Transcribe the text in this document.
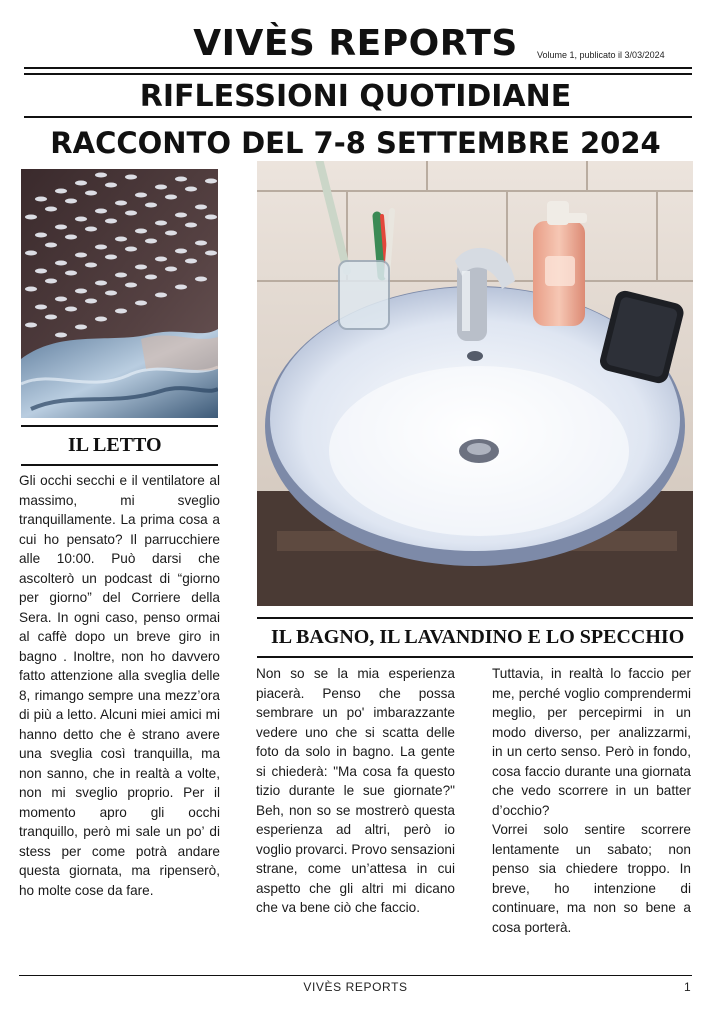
VIVÈS REPORTS	Volume 1, publicato il 3/03/2024
RIFLESSIONI QUOTIDIANE
RACCONTO DEL 7-8 SETTEMBRE 2024
IL LETTO
Gli occhi secchi e il ventilatore al massimo, mi sveglio tranquillamente. La prima cosa a cui ho pensato? Il parrucchiere alle 10:00. Può darsi che ascolterò un podcast di “giorno per giorno” del Corriere della Sera. In ogni caso, penso ormai al caffè dopo un breve giro in bagno . Inoltre, non ho davvero fatto attenzione alla sveglia delle 8, rimango sempre una mezz’ora di più a letto. Alcuni miei amici mi hanno detto che è strano avere una sveglia così tranquilla, ma non sanno, che in realtà a volte, non mi sveglio proprio. Per il momento apro gli occhi tranquillo, però mi sale un po’ di stess per come potrà andare questa giornata, ma ripenserò, ho molte cose da fare.
IL BAGNO, IL LAVANDINO E LO SPECCHIO
Non so se la mia esperienza piacerà. Penso che possa sembrare un po' imbarazzante vedere uno che si scatta delle foto da solo in bagno. La gente si chiederà: "Ma cosa fa questo tizio durante le sue giornate?" Beh, non so se mostrerò questa esperienza ad altri, però io voglio provarci. Provo sensazioni strane, come un’attesa in cui aspetto che gli altri mi dicano che va bene ciò che faccio.
Tuttavia, in realtà lo faccio per me, perché voglio comprendermi meglio, per percepirmi in un modo diverso, per analizzarmi, in un certo senso. Però in fondo, cosa faccio durante una giornata che vedo scorrere in un batter d’occhio?
Vorrei solo sentire scorrere lentamente un sabato; non penso sia chiedere troppo. In breve, ho intenzione di continuare, ma non so bene a cosa porterà.
VIVÈS REPORTS	1
